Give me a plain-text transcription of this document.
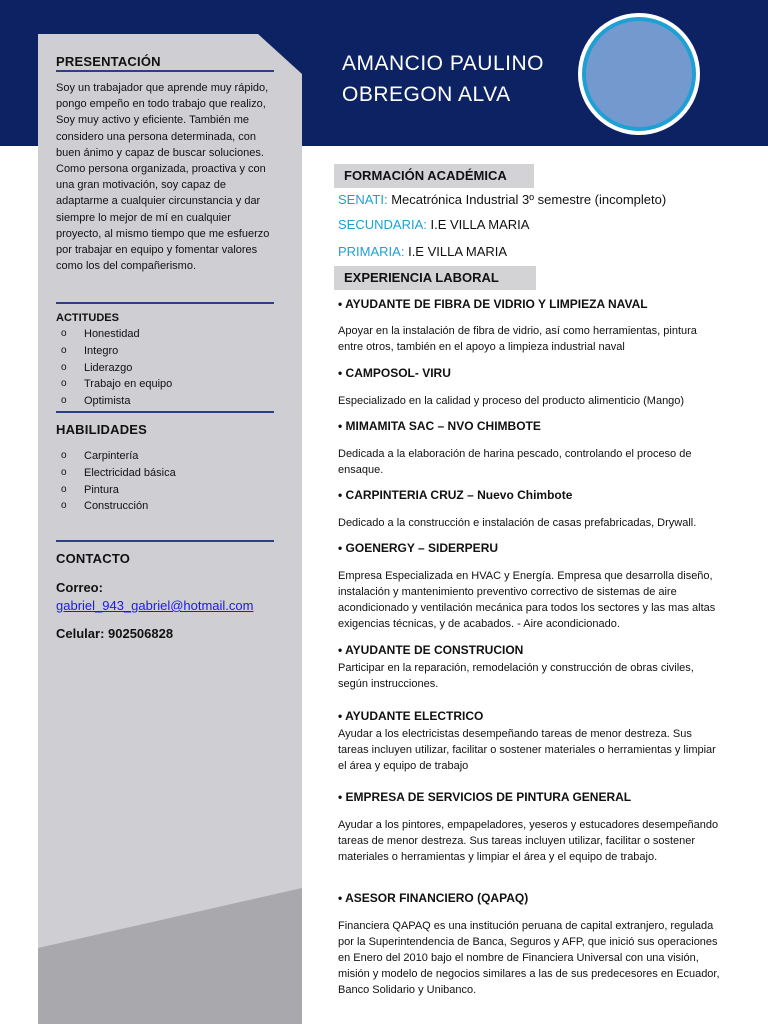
AMANCIO PAULINO
OBREGON ALVA
PRESENTACIÓN
Soy un trabajador que aprende muy rápido, pongo empeño en todo trabajo que realizo, Soy muy activo y eficiente. También me considero una persona determinada, con buen ánimo y capaz de buscar soluciones. Como persona organizada, proactiva y con una gran motivación, soy capaz de adaptarme a cualquier circunstancia y dar siempre lo mejor de mí en cualquier proyecto, al mismo tiempo que me esfuerzo por trabajar en equipo y fomentar valores como los del compañerismo.
ACTITUDES
o Honestidad
o Integro
o Liderazgo
o Trabajo en equipo
o Optimista
HABILIDADES
o Carpintería
o Electricidad básica
o Pintura
o Construcción
CONTACTO
Correo:
gabriel_943_gabriel@hotmail.com
Celular: 902506828
FORMACIÓN ACADÉMICA
SENATI: Mecatrónica Industrial 3º semestre (incompleto)
SECUNDARIA: I.E VILLA MARIA
PRIMARIA: I.E VILLA MARIA
EXPERIENCIA LABORAL
• AYUDANTE DE FIBRA DE VIDRIO Y LIMPIEZA NAVAL
Apoyar en la instalación de fibra de vidrio, así como herramientas, pintura entre otros, también en el apoyo a limpieza industrial naval
• CAMPOSOL- VIRU
Especializado en la calidad y proceso del producto alimenticio (Mango)
• MIMAMITA SAC – NVO CHIMBOTE
Dedicada a la elaboración de harina pescado, controlando el proceso de ensaque.
• CARPINTERIA CRUZ – Nuevo Chimbote
Dedicado a la construcción e instalación de casas prefabricadas, Drywall.
• GOENERGY – SIDERPERU
Empresa Especializada en HVAC y Energía. Empresa que desarrolla diseño, instalación y mantenimiento preventivo correctivo de sistemas de aire acondicionado y ventilación mecánica para todos los sectores y las mas altas exigencias técnicas, y de acabados. - Aire acondicionado.
• AYUDANTE DE CONSTRUCION
Participar en la reparación, remodelación y construcción de obras civiles, según instrucciones.
• AYUDANTE ELECTRICO
Ayudar a los electricistas desempeñando tareas de menor destreza. Sus tareas incluyen utilizar, facilitar o sostener materiales o herramientas y limpiar el área y equipo de trabajo
• EMPRESA DE SERVICIOS DE PINTURA GENERAL
Ayudar a los pintores, empapeladores, yeseros y estucadores desempeñando tareas de menor destreza. Sus tareas incluyen utilizar, facilitar o sostener materiales o herramientas y limpiar el área y el equipo de trabajo.
• ASESOR FINANCIERO (QAPAQ)
Financiera QAPAQ es una institución peruana de capital extranjero, regulada por la Superintendencia de Banca, Seguros y AFP, que inició sus operaciones en Enero del 2010 bajo el nombre de Financiera Universal con una visión, misión y modelo de negocios similares a las de sus predecesores en Ecuador, Banco Solidario y Unibanco.
